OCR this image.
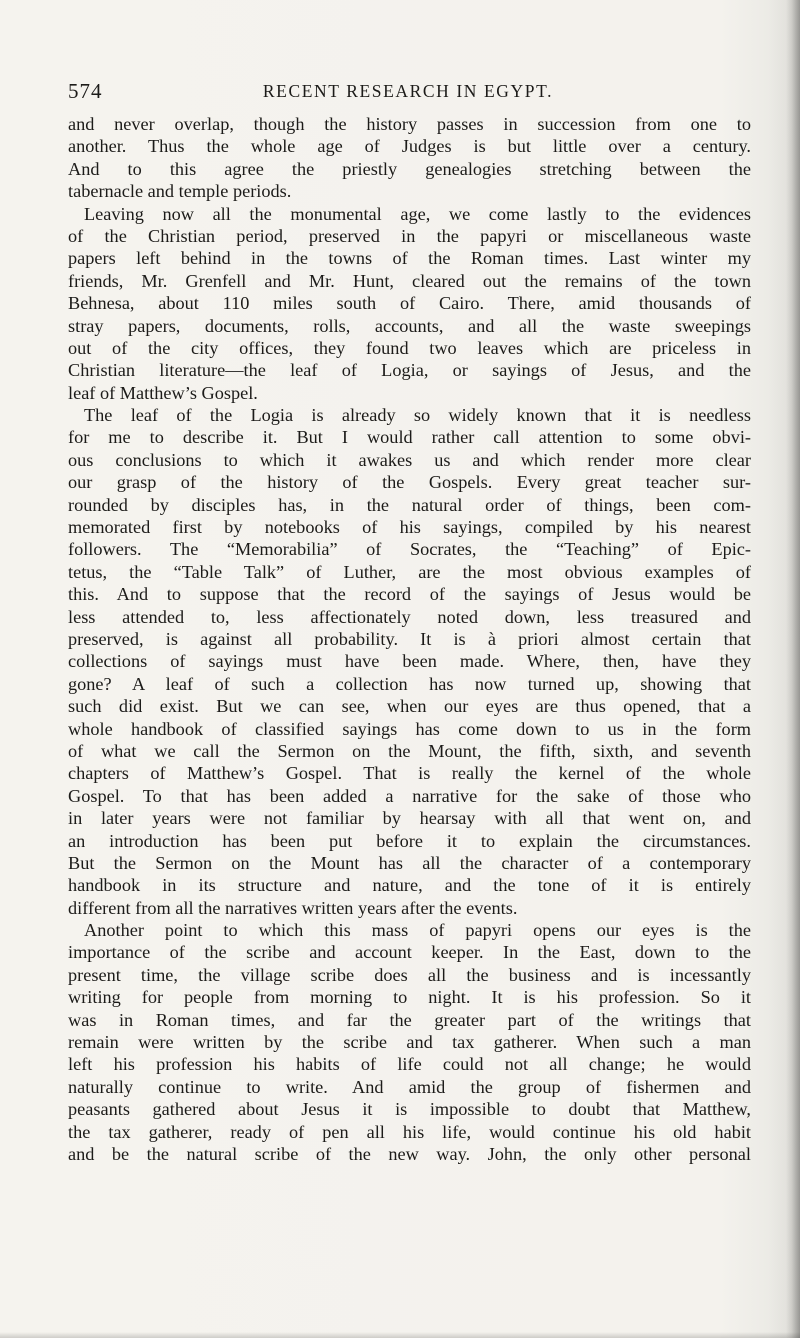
574	RECENT RESEARCH IN EGYPT.
and never overlap, though the history passes in succession from one to
another. Thus the whole age of Judges is but little over a century.
And to this agree the priestly genealogies stretching between the
tabernacle and temple periods.
Leaving now all the monumental age, we come lastly to the evidences
of the Christian period, preserved in the papyri or miscellaneous waste
papers left behind in the towns of the Roman times. Last winter my
friends, Mr. Grenfell and Mr. Hunt, cleared out the remains of the town
Behnesa, about 110 miles south of Cairo. There, amid thousands of
stray papers, documents, rolls, accounts, and all the waste sweepings
out of the city offices, they found two leaves which are priceless in
Christian literature—the leaf of Logia, or sayings of Jesus, and the
leaf of Matthew’s Gospel.
The leaf of the Logia is already so widely known that it is needless
for me to describe it. But I would rather call attention to some obvi-
ous conclusions to which it awakes us and which render more clear
our grasp of the history of the Gospels. Every great teacher sur-
rounded by disciples has, in the natural order of things, been com-
memorated first by notebooks of his sayings, compiled by his nearest
followers. The “Memorabilia” of Socrates, the “Teaching” of Epic-
tetus, the “Table Talk” of Luther, are the most obvious examples of
this. And to suppose that the record of the sayings of Jesus would be
less attended to, less affectionately noted down, less treasured and
preserved, is against all probability. It is à priori almost certain that
collections of sayings must have been made. Where, then, have they
gone? A leaf of such a collection has now turned up, showing that
such did exist. But we can see, when our eyes are thus opened, that a
whole handbook of classified sayings has come down to us in the form
of what we call the Sermon on the Mount, the fifth, sixth, and seventh
chapters of Matthew’s Gospel. That is really the kernel of the whole
Gospel. To that has been added a narrative for the sake of those who
in later years were not familiar by hearsay with all that went on, and
an introduction has been put before it to explain the circumstances.
But the Sermon on the Mount has all the character of a contemporary
handbook in its structure and nature, and the tone of it is entirely
different from all the narratives written years after the events.
Another point to which this mass of papyri opens our eyes is the
importance of the scribe and account keeper. In the East, down to the
present time, the village scribe does all the business and is incessantly
writing for people from morning to night. It is his profession. So it
was in Roman times, and far the greater part of the writings that
remain were written by the scribe and tax gatherer. When such a man
left his profession his habits of life could not all change; he would
naturally continue to write. And amid the group of fishermen and
peasants gathered about Jesus it is impossible to doubt that Matthew,
the tax gatherer, ready of pen all his life, would continue his old habit
and be the natural scribe of the new way. John, the only other personal
